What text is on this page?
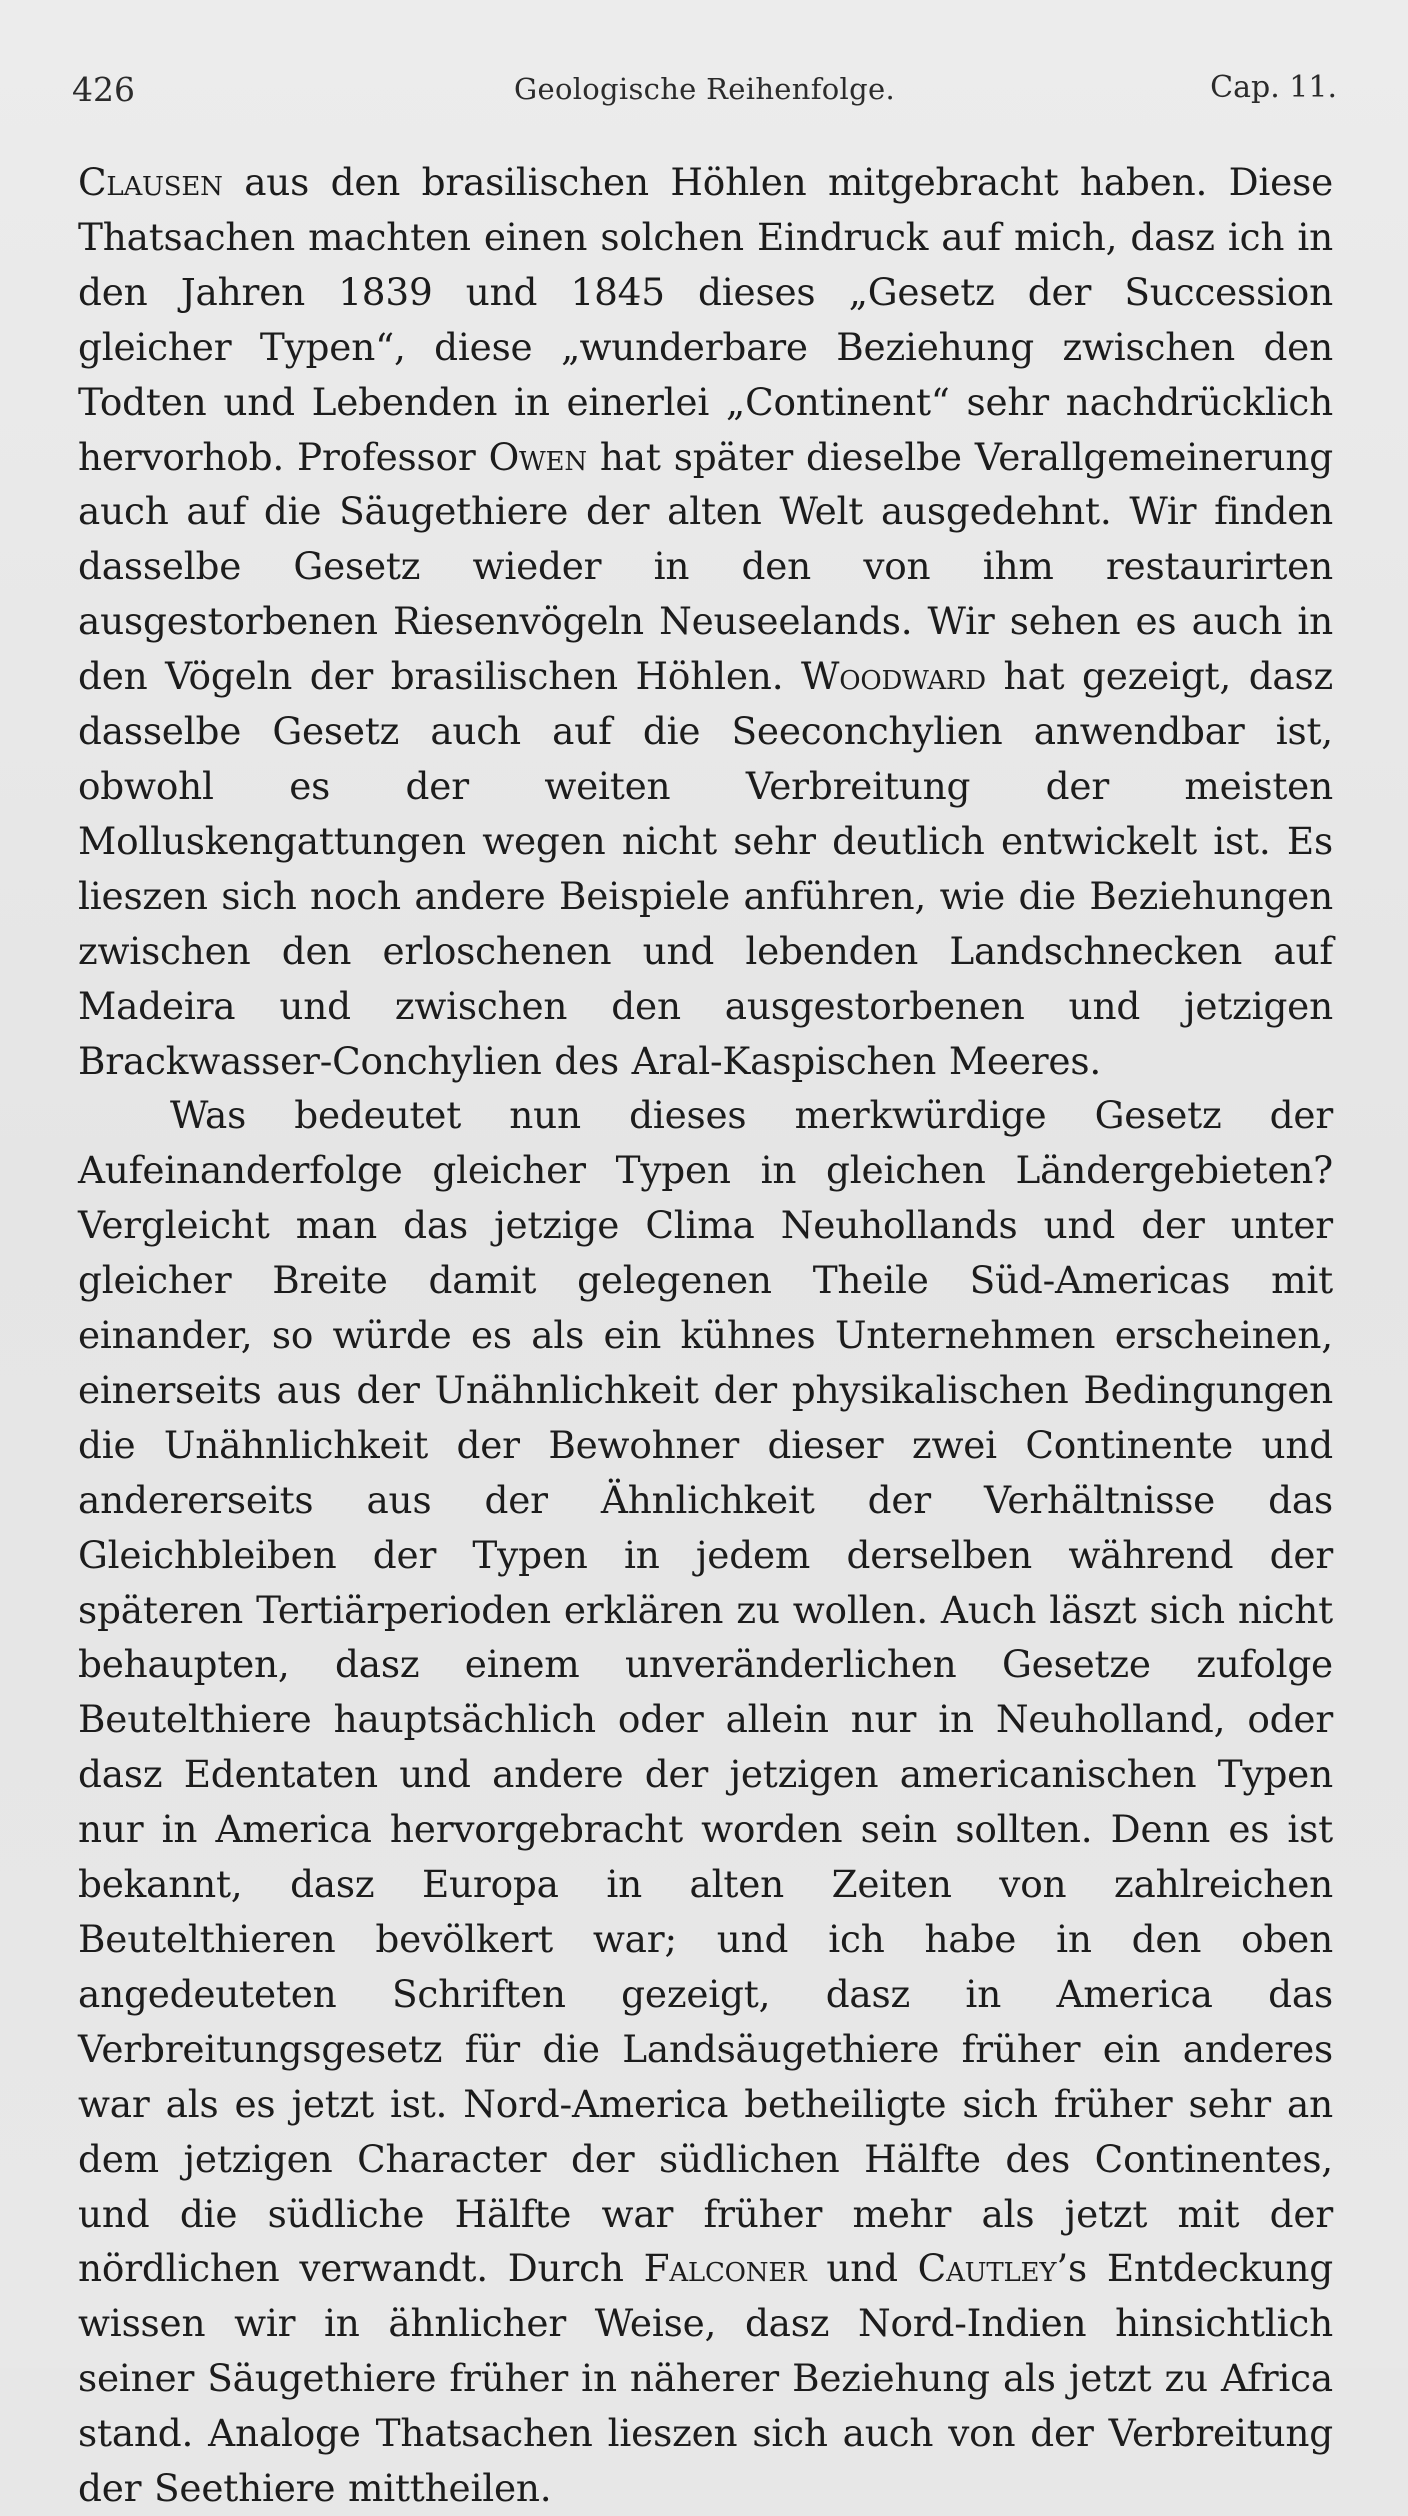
426	Geologische Reihenfolge.	Cap. 11.

Clausen aus den brasilischen Höhlen mitgebracht haben. Diese Thatsachen machten einen solchen Eindruck auf mich, dasz ich in den Jahren 1839 und 1845 dieses „Gesetz der Succession gleicher Typen“, diese „wunderbare Beziehung zwischen den Todten und Lebenden in einerlei „Continent“ sehr nachdrücklich hervorhob. Professor Owen hat später dieselbe Verallgemeinerung auch auf die Säugethiere der alten Welt ausgedehnt. Wir finden dasselbe Gesetz wieder in den von ihm restaurirten ausgestorbenen Riesenvögeln Neuseelands. Wir sehen es auch in den Vögeln der brasilischen Höhlen. Woodward hat gezeigt, dasz dasselbe Gesetz auch auf die Seeconchylien anwendbar ist, obwohl es der weiten Verbreitung der meisten Molluskengattungen wegen nicht sehr deutlich entwickelt ist. Es lieszen sich noch andere Beispiele anführen, wie die Beziehungen zwischen den erloschenen und lebenden Landschnecken auf Madeira und zwischen den ausgestorbenen und jetzigen Brackwasser-Conchylien des Aral-Kaspischen Meeres.

Was bedeutet nun dieses merkwürdige Gesetz der Aufeinanderfolge gleicher Typen in gleichen Ländergebieten? Vergleicht man das jetzige Clima Neuhollands und der unter gleicher Breite damit gelegenen Theile Süd-Americas mit einander, so würde es als ein kühnes Unternehmen erscheinen, einerseits aus der Unähnlichkeit der physikalischen Bedingungen die Unähnlichkeit der Bewohner dieser zwei Continente und andererseits aus der Ähnlichkeit der Verhältnisse das Gleichbleiben der Typen in jedem derselben während der späteren Tertiärperioden erklären zu wollen. Auch läszt sich nicht behaupten, dasz einem unveränderlichen Gesetze zufolge Beutelthiere hauptsächlich oder allein nur in Neuholland, oder dasz Edentaten und andere der jetzigen americanischen Typen nur in America hervorgebracht worden sein sollten. Denn es ist bekannt, dasz Europa in alten Zeiten von zahlreichen Beutelthieren bevölkert war; und ich habe in den oben angedeuteten Schriften gezeigt, dasz in America das Verbreitungsgesetz für die Landsäugethiere früher ein anderes war als es jetzt ist. Nord-America betheiligte sich früher sehr an dem jetzigen Character der südlichen Hälfte des Continentes, und die südliche Hälfte war früher mehr als jetzt mit der nördlichen verwandt. Durch Falconer und Cautley’s Entdeckung wissen wir in ähnlicher Weise, dasz Nord-Indien hinsichtlich seiner Säugethiere früher in näherer Beziehung als jetzt zu Africa stand. Analoge Thatsachen lieszen sich auch von der Verbreitung der Seethiere mittheilen.
